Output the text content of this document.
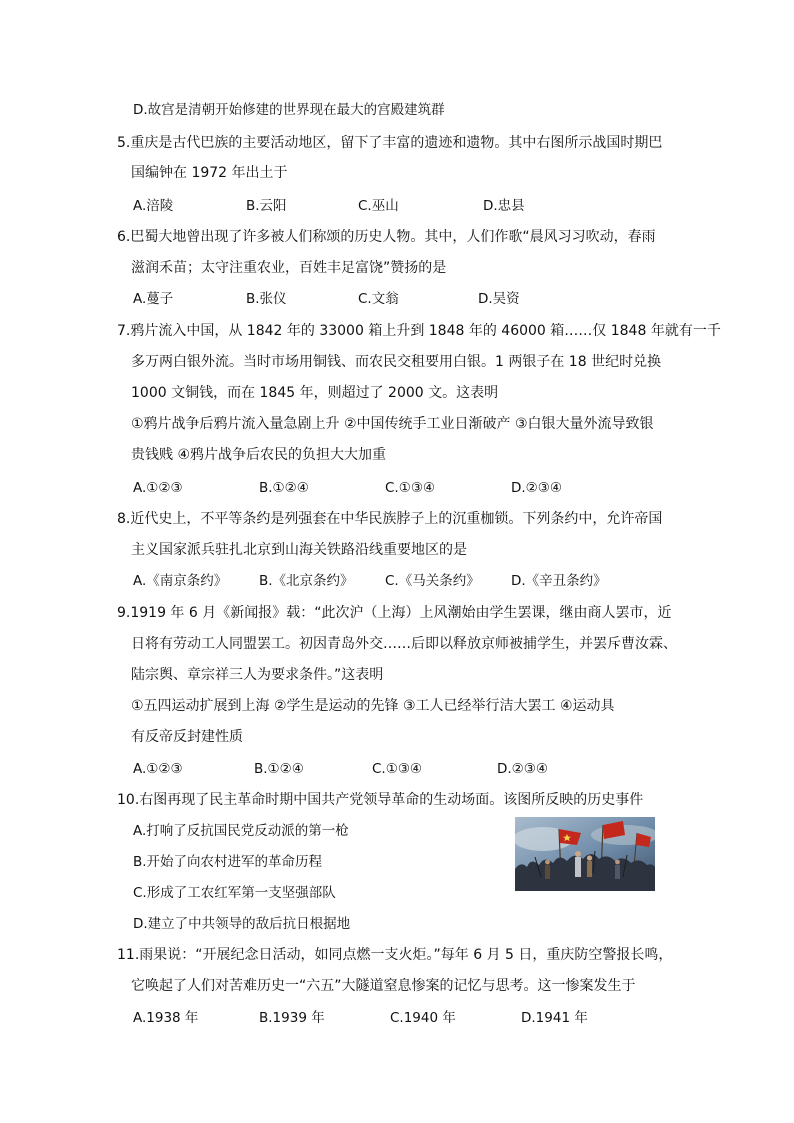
D.故宫是清朝开始修建的世界现在最大的宫殿建筑群
5.重庆是古代巴族的主要活动地区，留下了丰富的遗迹和遗物。其中右图所示战国时期巴
国编钟在 1972 年出土于
A.涪陵	B.云阳	C.巫山	D.忠县
6.巴蜀大地曾出现了许多被人们称颂的历史人物。其中，人们作歌“晨风习习吹动，春雨
滋润禾苗；太守注重农业，百姓丰足富饶”赞扬的是
A.蔓子	B.张仪	C.文翁	D.吴资
7.鸦片流入中国，从 1842 年的 33000 箱上升到 1848 年的 46000 箱……仅 1848 年就有一千
多万两白银外流。当时市场用铜钱、而农民交租要用白银。1 两银子在 18 世纪时兑换
1000 文铜钱，而在 1845 年，则超过了 2000 文。这表明
①鸦片战争后鸦片流入量急剧上升 ②中国传统手工业日渐破产 ③白银大量外流导致银
贵钱贱 ④鸦片战争后农民的负担大大加重
A.①②③	B.①②④	C.①③④	D.②③④
8.近代史上，不平等条约是列强套在中华民族脖子上的沉重枷锁。下列条约中，允许帝国
主义国家派兵驻扎北京到山海关铁路沿线重要地区的是
A.《南京条约》 B.《北京条约》 C.《马关条约》 D.《辛丑条约》
9.1919 年 6 月《新闻报》载：“此次沪（上海）上风潮始由学生罢课，继由商人罢市，近
日将有劳动工人同盟罢工。初因青岛外交……后即以释放京师被捕学生，并罢斥曹汝霖、
陆宗舆、章宗祥三人为要求条件。”这表明
①五四运动扩展到上海 ②学生是运动的先锋 ③工人已经举行洁大罢工 ④运动具
有反帝反封建性质
A.①②③	B.①②④	C.①③④	D.②③④
10.右图再现了民主革命时期中国共产党领导革命的生动场面。该图所反映的历史事件
A.打响了反抗国民党反动派的第一枪
B.开始了向农村进军的革命历程
C.形成了工农红军第一支坚强部队
D.建立了中共领导的敌后抗日根据地
11.雨果说：“开展纪念日活动，如同点燃一支火炬。”每年 6 月 5 日，重庆防空警报长鸣，
它唤起了人们对苦难历史一“六五”大隧道窒息惨案的记忆与思考。这一惨案发生于
A.1938 年	B.1939 年	C.1940 年	D.1941 年
